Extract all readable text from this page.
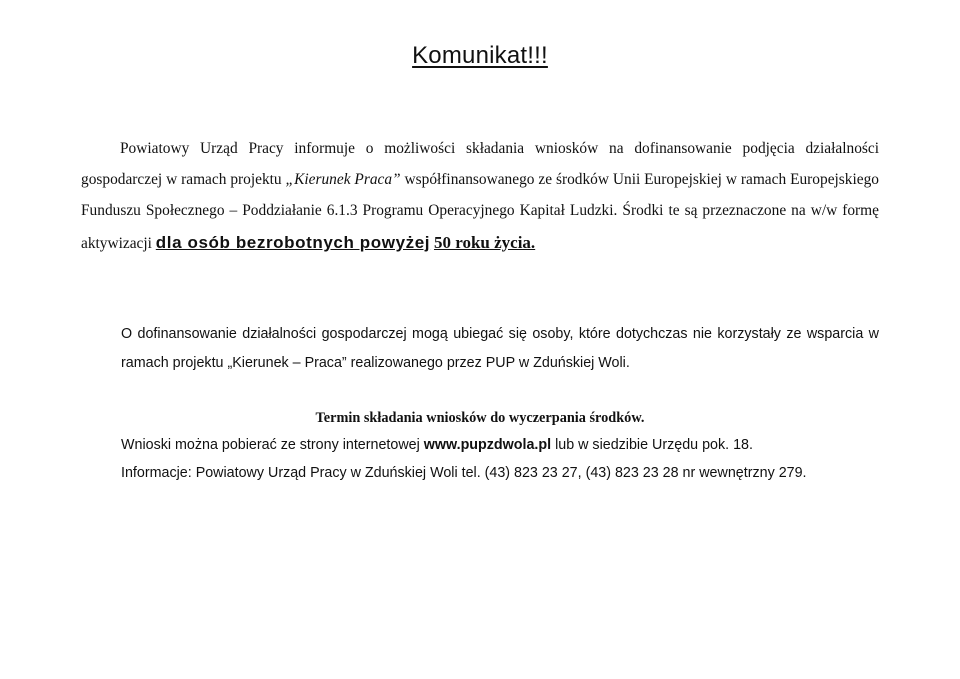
Komunikat!!!

Powiatowy Urząd Pracy informuje o możliwości składania wniosków na dofinansowanie podjęcia działalności gospodarczej w ramach projektu „Kierunek Praca” współfinansowanego ze środków Unii Europejskiej w ramach Europejskiego Funduszu Społecznego – Poddziałanie 6.1.3 Programu Operacyjnego Kapitał Ludzki. Środki te są przeznaczone na w/w formę aktywizacji dla osób bezrobotnych powyżej 50 roku życia.

O dofinansowanie działalności gospodarczej mogą ubiegać się osoby, które dotychczas nie korzystały ze wsparcia w ramach projektu „Kierunek – Praca” realizowanego przez PUP w Zduńskiej Woli.

Termin składania wniosków do wyczerpania środków.
Wnioski można pobierać ze strony internetowej www.pupzdwola.pl lub w siedzibie Urzędu pok. 18.
Informacje: Powiatowy Urząd Pracy w Zduńskiej Woli tel. (43) 823 23 27, (43) 823 23 28 nr wewnętrzny 279.
